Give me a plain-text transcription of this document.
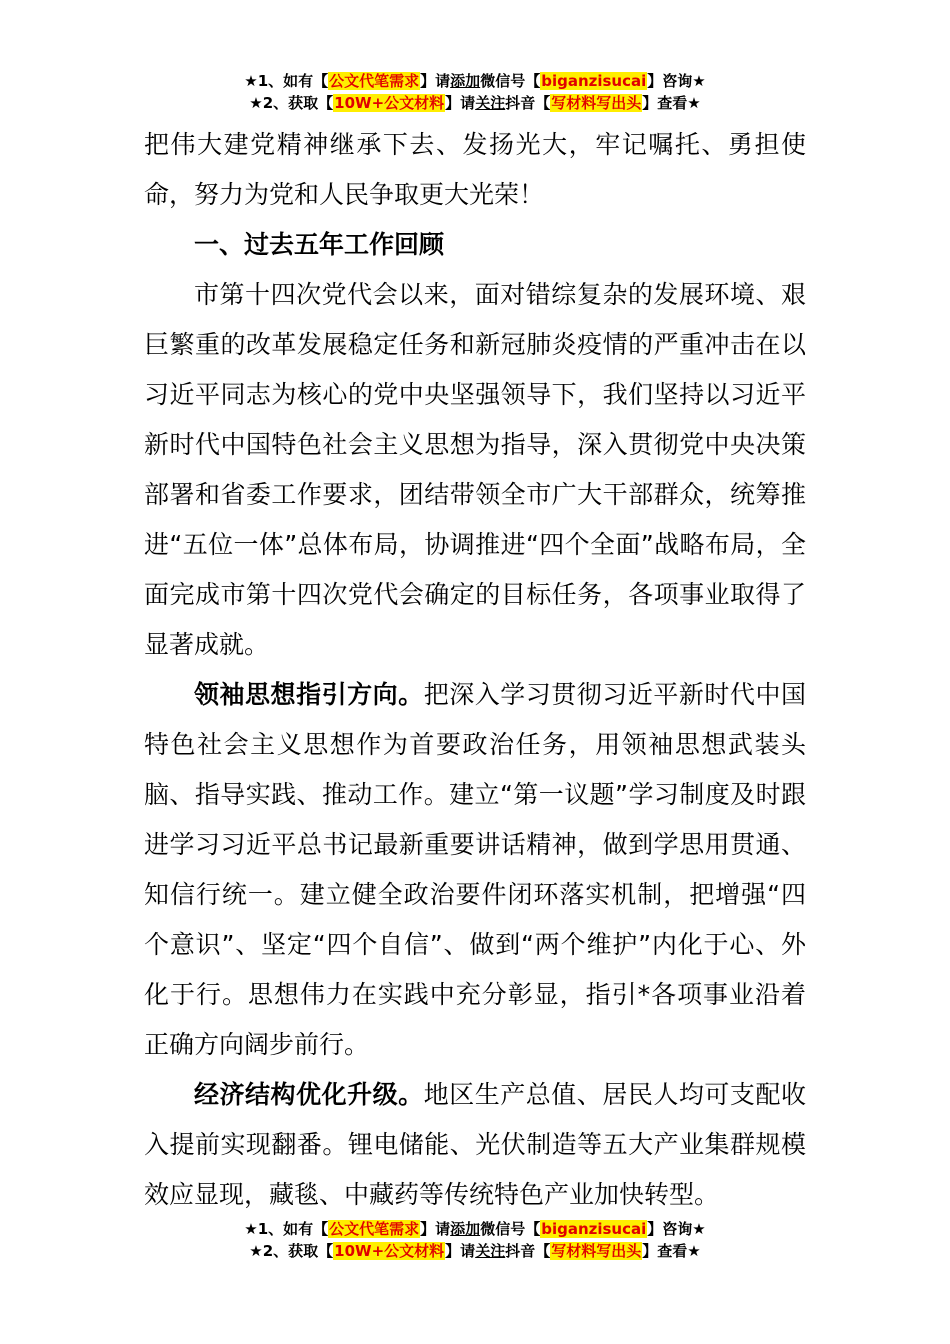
★1、如有【公文代笔需求】请添加微信号【biganzisucai】咨询★
★2、获取【10W+公文材料】请关注抖音【写材料写出头】查看★

把伟大建党精神继承下去、发扬光大，牢记嘱托、勇担使命，努力为党和人民争取更大光荣！

一、过去五年工作回顾

市第十四次党代会以来，面对错综复杂的发展环境、艰巨繁重的改革发展稳定任务和新冠肺炎疫情的严重冲击在以习近平同志为核心的党中央坚强领导下，我们坚持以习近平新时代中国特色社会主义思想为指导，深入贯彻党中央决策部署和省委工作要求，团结带领全市广大干部群众，统筹推进“五位一体”总体布局，协调推进“四个全面”战略布局，全面完成市第十四次党代会确定的目标任务，各项事业取得了显著成就。

领袖思想指引方向。把深入学习贯彻习近平新时代中国特色社会主义思想作为首要政治任务，用领袖思想武装头脑、指导实践、推动工作。建立“第一议题”学习制度及时跟进学习习近平总书记最新重要讲话精神，做到学思用贯通、知信行统一。建立健全政治要件闭环落实机制，把增强“四个意识”、坚定“四个自信”、做到“两个维护”内化于心、外化于行。思想伟力在实践中充分彰显，指引*各项事业沿着正确方向阔步前行。

经济结构优化升级。地区生产总值、居民人均可支配收入提前实现翻番。锂电储能、光伏制造等五大产业集群规模效应显现，藏毯、中藏药等传统特色产业加快转型。

★1、如有【公文代笔需求】请添加微信号【biganzisucai】咨询★
★2、获取【10W+公文材料】请关注抖音【写材料写出头】查看★
